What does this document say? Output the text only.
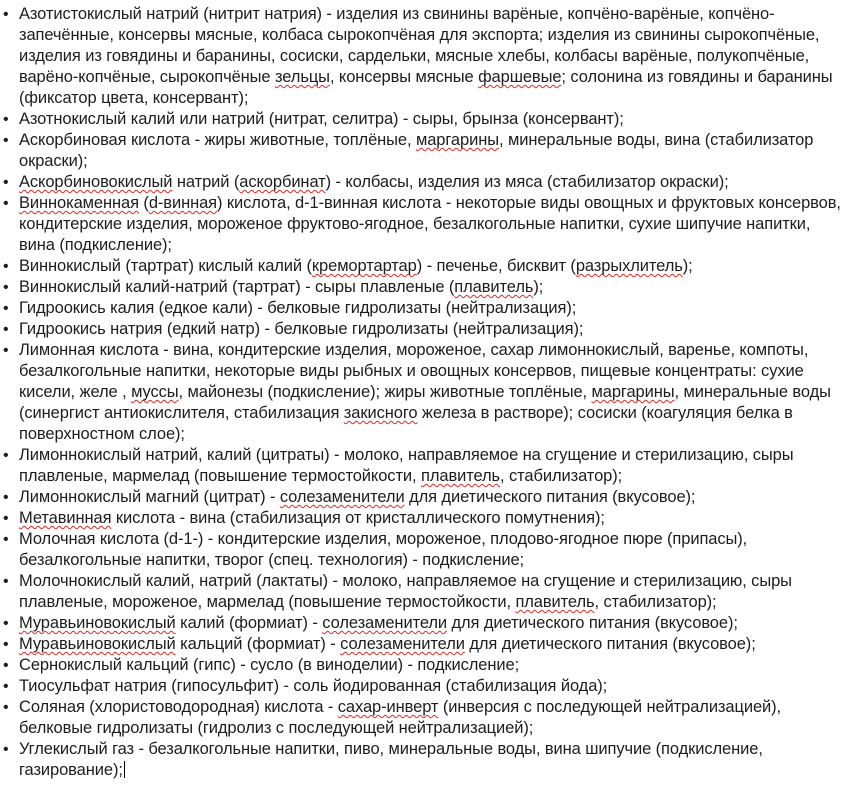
• Азотистокислый натрий (нитрит натрия) - изделия из свинины варёные, копчёно-варёные, копчёно-запечённые, консервы мясные, колбаса сырокопчёная для экспорта; изделия из свинины сырокопчёные, изделия из говядины и баранины, сосиски, сардельки, мясные хлебы, колбасы варёные, полукопчёные, варёно-копчёные, сырокопчёные зельцы, консервы мясные фаршевые; солонина из говядины и баранины (фиксатор цвета, консервант);
• Азотнокислый калий или натрий (нитрат, селитра) - сыры, брынза (консервант);
• Аскорбиновая кислота - жиры животные, топлёные, маргарины, минеральные воды, вина (стабилизатор окраски);
• Аскорбиновокислый натрий (аскорбинат) - колбасы, изделия из мяса (стабилизатор окраски);
• Виннокаменная (d-винная) кислота, d-1-винная кислота - некоторые виды овощных и фруктовых консервов, кондитерские изделия, мороженое фруктово-ягодное, безалкогольные напитки, сухие шипучие напитки, вина (подкисление);
• Виннокислый (тартрат) кислый калий (кремортартар) - печенье, бисквит (разрыхлитель);
• Виннокислый калий-натрий (тартрат) - сыры плавленые (плавитель);
• Гидроокись калия (едкое кали) - белковые гидролизаты (нейтрализация);
• Гидроокись натрия (едкий натр) - белковые гидролизаты (нейтрализация);
• Лимонная кислота - вина, кондитерские изделия, мороженое, сахар лимоннокислый, варенье, компоты, безалкогольные напитки, некоторые виды рыбных и овощных консервов, пищевые концентраты: сухие кисели, желе , муссы, майонезы (подкисление); жиры животные топлёные, маргарины, минеральные воды (синергист антиокислителя, стабилизация закисного железа в растворе); сосиски (коагуляция белка в поверхностном слое);
• Лимоннокислый натрий, калий (цитраты) - молоко, направляемое на сгущение и стерилизацию, сыры плавленые, мармелад (повышение термостойкости, плавитель, стабилизатор);
• Лимоннокислый магний (цитрат) - солезаменители для диетического питания (вкусовое);
• Метавинная кислота - вина (стабилизация от кристаллического помутнения);
• Молочная кислота (d-1-) - кондитерские изделия, мороженое, плодово-ягодное пюре (припасы), безалкогольные напитки, творог (спец. технология) - подкисление;
• Молочнокислый калий, натрий (лактаты) - молоко, направляемое на сгущение и стерилизацию, сыры плавленые, мороженое, мармелад (повышение термостойкости, плавитель, стабилизатор);
• Муравьиновокислый калий (формиат) - солезаменители для диетического питания (вкусовое);
• Муравьиновокислый кальций (формиат) - солезаменители для диетического питания (вкусовое);
• Сернокислый кальций (гипс) - сусло (в виноделии) - подкисление;
• Тиосульфат натрия (гипосульфит) - соль йодированная (стабилизация йода);
• Соляная (хлористоводородная) кислота - сахар-инверт (инверсия с последующей нейтрализацией), белковые гидролизаты (гидролиз с последующей нейтрализацией);
• Углекислый газ - безалкогольные напитки, пиво, минеральные воды, вина шипучие (подкисление, газирование);
